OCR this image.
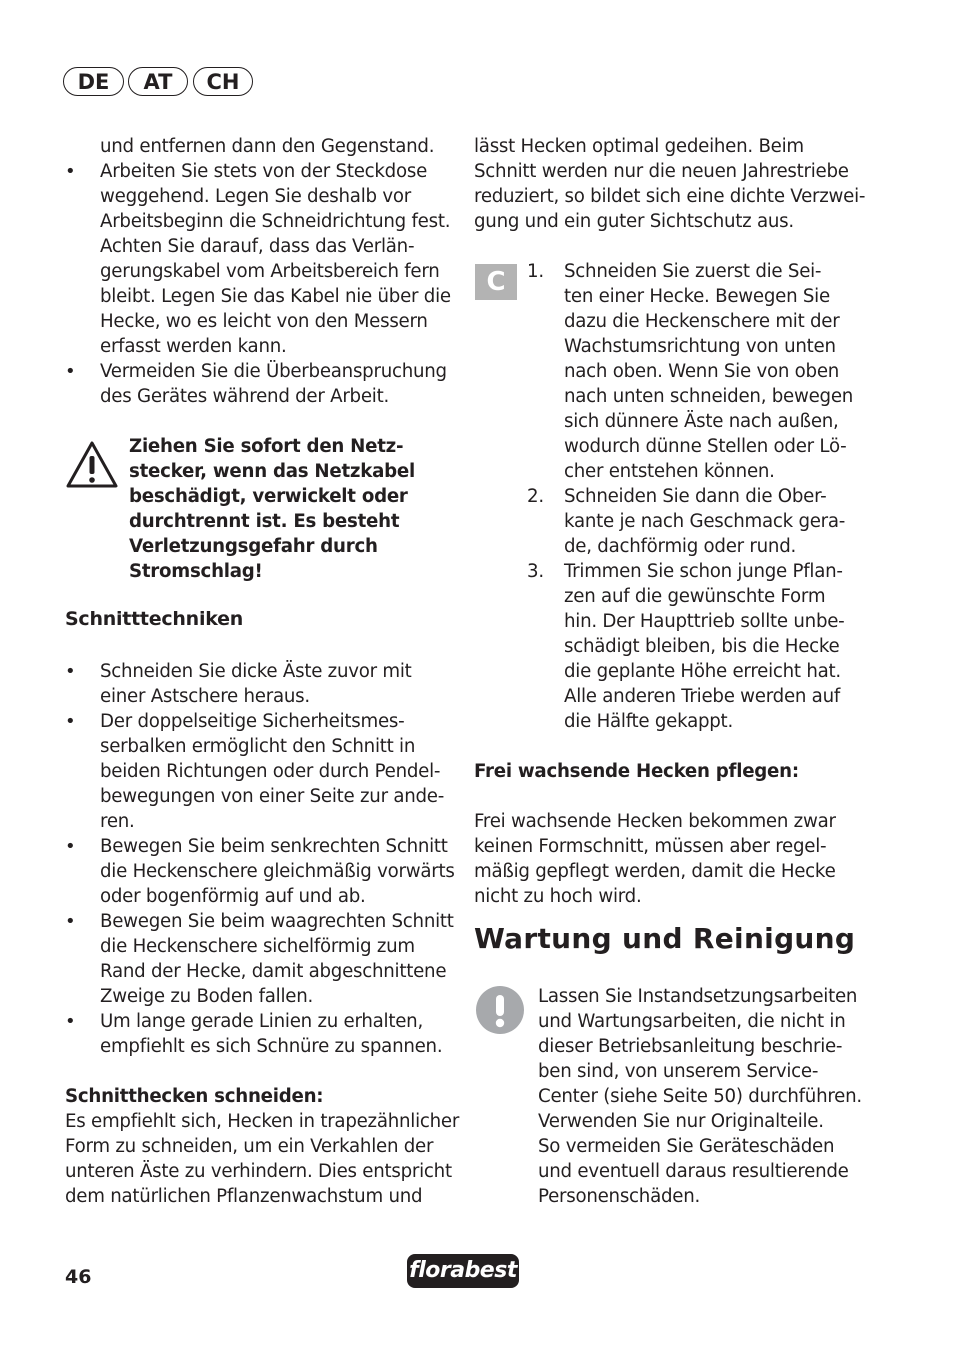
DE	AT	CH
C
46	florabest
und entfernen dann den Gegenstand.
• Arbeiten Sie stets von der Steckdose
weggehend. Legen Sie deshalb vor
Arbeitsbeginn die Schneidrichtung fest.
Achten Sie darauf, dass das Verlän-
gerungskabel vom Arbeitsbereich fern
bleibt. Legen Sie das Kabel nie über die
Hecke, wo es leicht von den Messern
erfasst werden kann.
• Vermeiden Sie die Überbeanspruchung
des Gerätes während der Arbeit.
Ziehen Sie sofort den Netz-
stecker, wenn das Netzkabel
beschädigt, verwickelt oder
durchtrennt ist. Es besteht
Verletzungsgefahr durch
Stromschlag!
Schnitttechniken
• Schneiden Sie dicke Äste zuvor mit
einer Astschere heraus.
• Der doppelseitige Sicherheitsmes-
serbalken ermöglicht den Schnitt in
beiden Richtungen oder durch Pendel-
bewegungen von einer Seite zur ande-
ren.
• Bewegen Sie beim senkrechten Schnitt
die Heckenschere gleichmäßig vorwärts
oder bogenförmig auf und ab.
• Bewegen Sie beim waagrechten Schnitt
die Heckenschere sichelförmig zum
Rand der Hecke, damit abgeschnittene
Zweige zu Boden fallen.
• Um lange gerade Linien zu erhalten,
empfiehlt es sich Schnüre zu spannen.
Schnitthecken schneiden:
Es empfiehlt sich, Hecken in trapezähnlicher
Form zu schneiden, um ein Verkahlen der
unteren Äste zu verhindern. Dies entspricht
dem natürlichen Pflanzenwachstum und
lässt Hecken optimal gedeihen. Beim
Schnitt werden nur die neuen Jahrestriebe
reduziert, so bildet sich eine dichte Verzwei-
gung und ein guter Sichtschutz aus.
1. Schneiden Sie zuerst die Sei-
ten einer Hecke. Bewegen Sie
dazu die Heckenschere mit der
Wachstumsrichtung von unten
nach oben. Wenn Sie von oben
nach unten schneiden, bewegen
sich dünnere Äste nach außen,
wodurch dünne Stellen oder Lö-
cher entstehen können.
2. Schneiden Sie dann die Ober-
kante je nach Geschmack gera-
de, dachförmig oder rund.
3. Trimmen Sie schon junge Pflan-
zen auf die gewünschte Form
hin. Der Haupttrieb sollte unbe-
schädigt bleiben, bis die Hecke
die geplante Höhe erreicht hat.
Alle anderen Triebe werden auf
die Hälfte gekappt.
Frei wachsende Hecken pflegen:
Frei wachsende Hecken bekommen zwar
keinen Formschnitt, müssen aber regel-
mäßig gepflegt werden, damit die Hecke
nicht zu hoch wird.
Wartung und Reinigung
Lassen Sie Instandsetzungsarbeiten
und Wartungsarbeiten, die nicht in
dieser Betriebsanleitung beschrie-
ben sind, von unserem Service-
Center (siehe Seite 50) durchführen.
Verwenden Sie nur Originalteile.
So vermeiden Sie Geräteschäden
und eventuell daraus resultierende
Personenschäden.
